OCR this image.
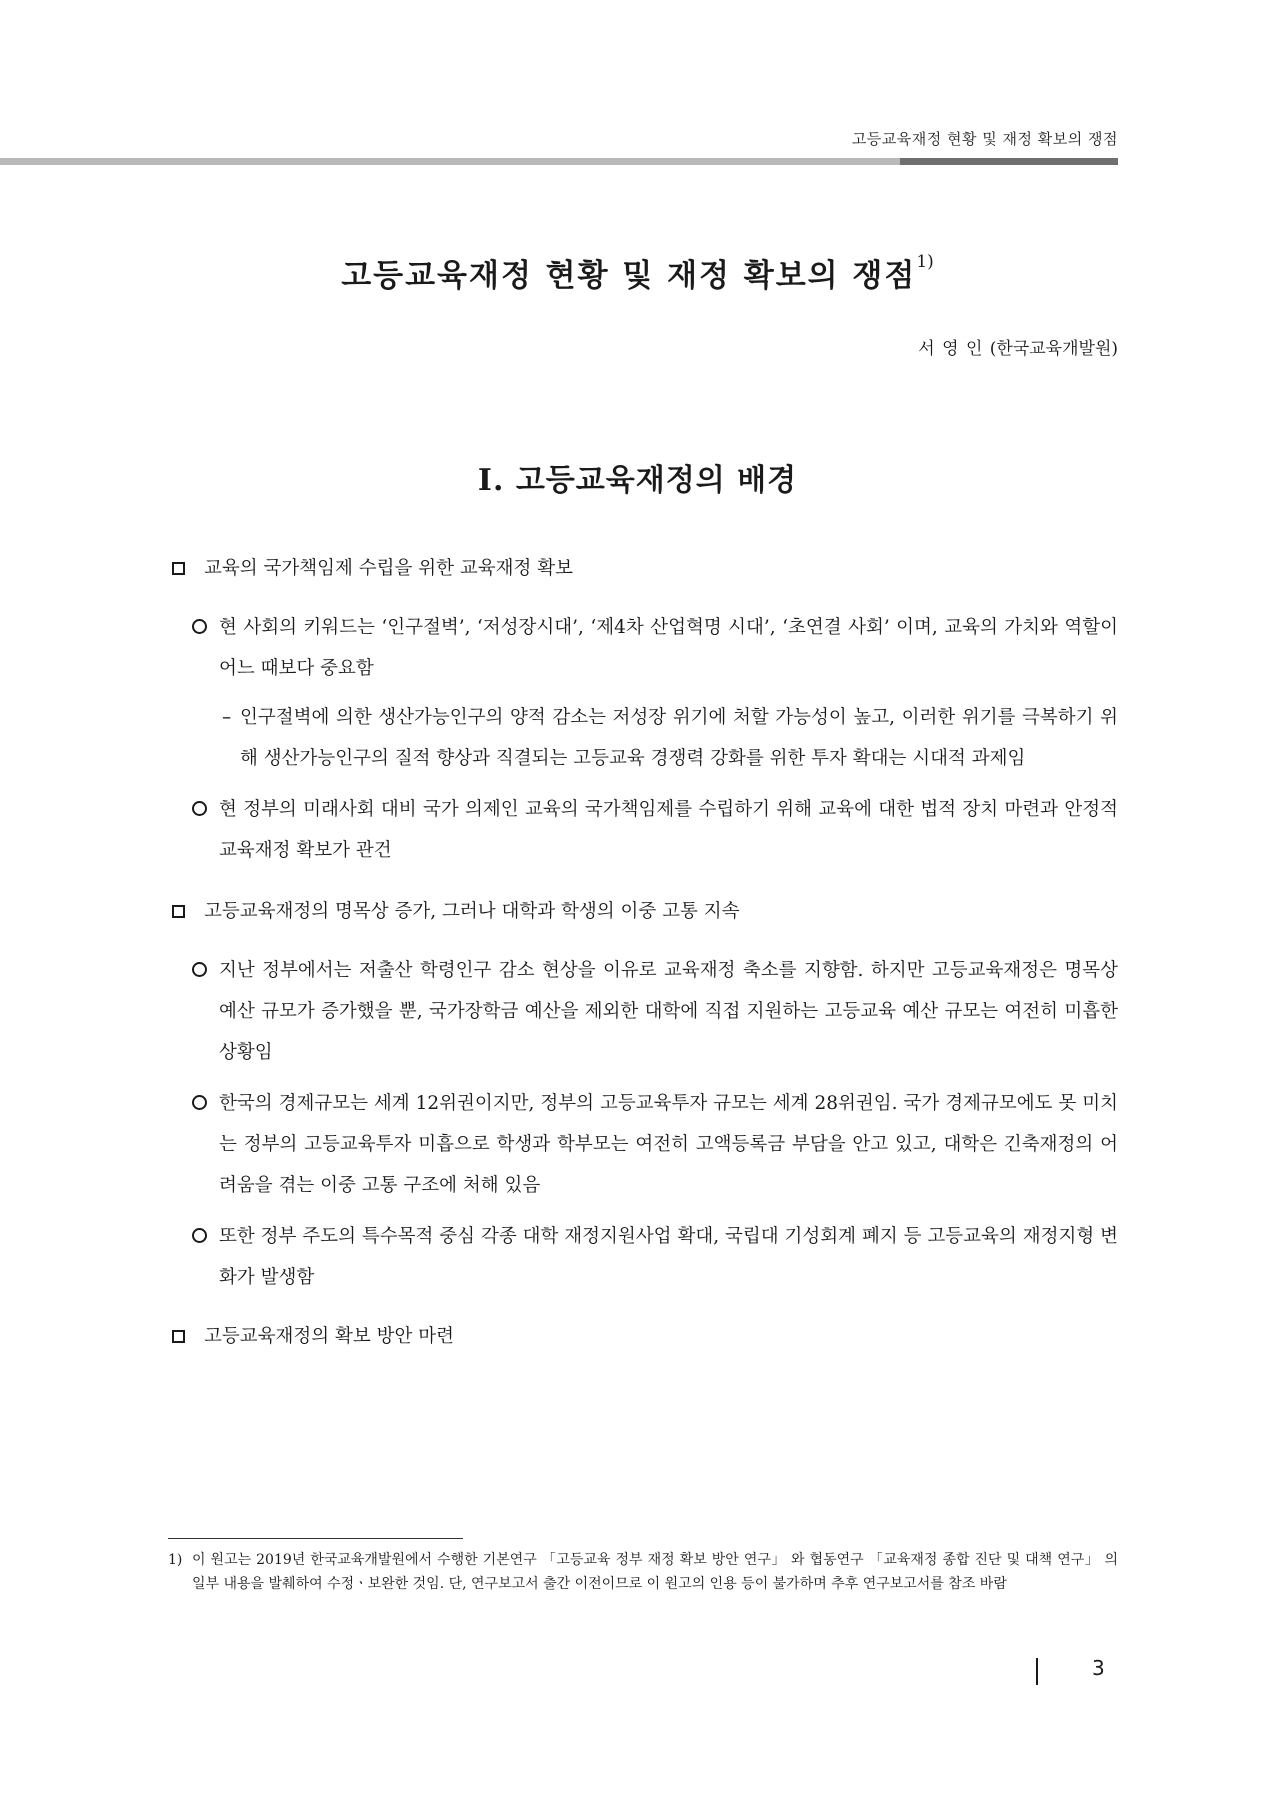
고등교육재정 현황 및 재정 확보의 쟁점
고등교육재정 현황 및 재정 확보의 쟁점$^{1)}$
서 영 인 (한국교육개발원)
Ⅰ. 고등교육재정의 배경
교육의 국가책임제 수립을 위한 교육재정 확보
현 사회의 키워드는 ‘인구절벽’, ‘저성장시대’, ‘제4차 산업혁명 시대’, ‘초연결 사회’ 이며, 교육의 가치와 역할이 어느 때보다 중요함
– 인구절벽에 의한 생산가능인구의 양적 감소는 저성장 위기에 처할 가능성이 높고, 이러한 위기를 극복하기 위해 생산가능인구의 질적 향상과 직결되는 고등교육 경쟁력 강화를 위한 투자 확대는 시대적 과제임
현 정부의 미래사회 대비 국가 의제인 교육의 국가책임제를 수립하기 위해 교육에 대한 법적 장치 마련과 안정적 교육재정 확보가 관건
고등교육재정의 명목상 증가, 그러나 대학과 학생의 이중 고통 지속
지난 정부에서는 저출산 학령인구 감소 현상을 이유로 교육재정 축소를 지향함. 하지만 고등교육재정은 명목상 예산 규모가 증가했을 뿐, 국가장학금 예산을 제외한 대학에 직접 지원하는 고등교육 예산 규모는 여전히 미흡한 상황임
한국의 경제규모는 세계 12위권이지만, 정부의 고등교육투자 규모는 세계 28위권임. 국가 경제규모에도 못 미치는 정부의 고등교육투자 미흡으로 학생과 학부모는 여전히 고액등록금 부담을 안고 있고, 대학은 긴축재정의 어려움을 겪는 이중 고통 구조에 처해 있음
또한 정부 주도의 특수목적 중심 각종 대학 재정지원사업 확대, 국립대 기성회계 폐지 등 고등교육의 재정지형 변화가 발생함
고등교육재정의 확보 방안 마련
1) 이 원고는 2019년 한국교육개발원에서 수행한 기본연구 「고등교육 정부 재정 확보 방안 연구」 와 협동연구 「교육재정 종합 진단 및 대책 연구」 의 일부 내용을 발췌하여 수정ㆍ보완한 것임. 단, 연구보고서 출간 이전이므로 이 원고의 인용 등이 불가하며 추후 연구보고서를 참조 바람
3
